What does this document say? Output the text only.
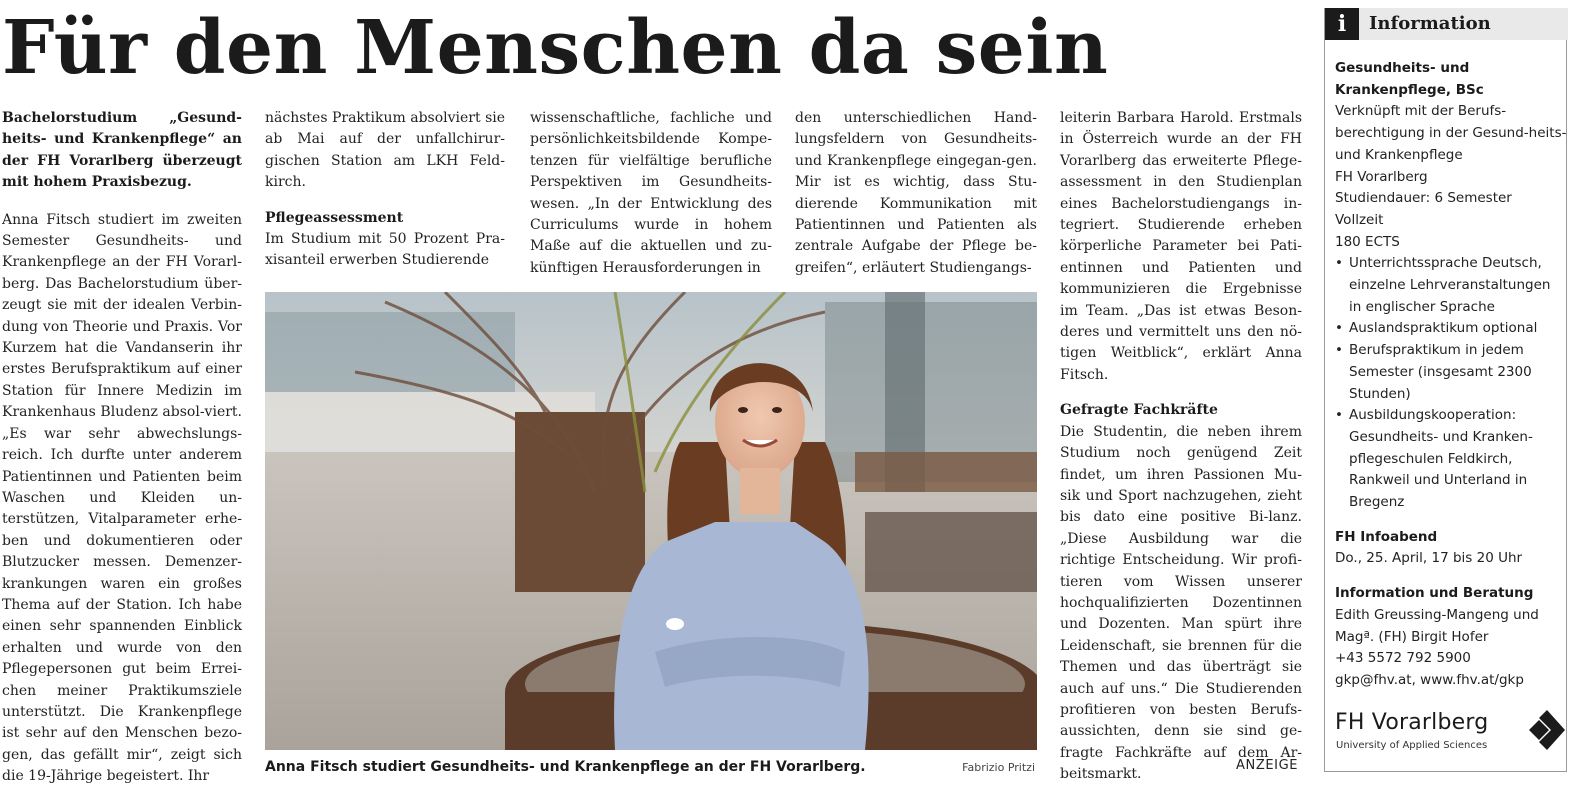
Für den Menschen da sein

Bachelorstudium „Gesund-heits- und Krankenpflege“ an der FH Vorarlberg überzeugt mit hohem Praxisbezug.

Anna Fitsch studiert im zweiten Semester Gesundheits- und Krankenpflege an der FH Vorarl-berg. Das Bachelorstudium über-zeugt sie mit der idealen Verbin-dung von Theorie und Praxis. Vor Kurzem hat die Vandanserin ihr erstes Berufspraktikum auf einer Station für Innere Medizin im Krankenhaus Bludenz absol-viert. „Es war sehr abwechslungs-reich. Ich durfte unter anderem Patientinnen und Patienten beim Waschen und Kleiden un-terstützen, Vitalparameter erhe-ben und dokumentieren oder Blutzucker messen. Demenzer-krankungen waren ein großes Thema auf der Station. Ich habe einen sehr spannenden Einblick erhalten und wurde von den Pflegepersonen gut beim Errei-chen meiner Praktikumsziele unterstützt. Die Krankenpflege ist sehr auf den Menschen bezo-gen, das gefällt mir“, zeigt sich die 19-Jährige begeistert. Ihr

nächstes Praktikum absolviert sie ab Mai auf der unfallchirur-gischen Station am LKH Feld-kirch.

Pflegeassessment

Im Studium mit 50 Prozent Pra-xisanteil erwerben Studierende

wissenschaftliche, fachliche und persönlichkeitsbildende Kompe-tenzen für vielfältige berufliche Perspektiven im Gesundheits-wesen. „In der Entwicklung des Curriculums wurde in hohem Maße auf die aktuellen und zu-künftigen Herausforderungen in

den unterschiedlichen Hand-lungsfeldern von Gesundheits- und Krankenpflege eingegan-gen. Mir ist es wichtig, dass Stu-dierende Kommunikation mit Patientinnen und Patienten als zentrale Aufgabe der Pflege be-greifen“, erläutert Studiengangs-

leiterin Barbara Harold. Erstmals in Österreich wurde an der FH Vorarlberg das erweiterte Pflege-assessment in den Studienplan eines Bachelorstudiengangs in-tegriert. Studierende erheben körperliche Parameter bei Pati-entinnen und Patienten und kommunizieren die Ergebnisse im Team. „Das ist etwas Beson-deres und vermittelt uns den nö-tigen Weitblick“, erklärt Anna Fitsch.

Gefragte Fachkräfte

Die Studentin, die neben ihrem Studium noch genügend Zeit findet, um ihren Passionen Mu-sik und Sport nachzugehen, zieht bis dato eine positive Bi-lanz. „Diese Ausbildung war die richtige Entscheidung. Wir profi-tieren vom Wissen unserer hochqualifizierten Dozentinnen und Dozenten. Man spürt ihre Leidenschaft, sie brennen für die Themen und das überträgt sie auch auf uns.“ Die Studierenden profitieren von besten Berufs-aussichten, denn sie sind ge-fragte Fachkräfte auf dem Ar-beitsmarkt.

Anna Fitsch studiert Gesundheits- und Krankenpflege an der FH Vorarlberg.	Fabrizio Pritzi	ANZEIGE
i	Information
Gesundheits- und
Krankenpflege, BSc
Verknüpft mit der Berufs-berechtigung in der Gesund-heits- und Krankenpflege
FH Vorarlberg
Studiendauer: 6 Semester
Vollzeit
180 ECTS
• Unterrichtssprache Deutsch, einzelne Lehrveranstaltungen in englischer Sprache
• Auslandspraktikum optional
• Berufspraktikum in jedem Semester (insgesamt 2300 Stunden)
• Ausbildungskooperation: Gesundheits- und Kranken-pflegeschulen Feldkirch, Rankweil und Unterland in Bregenz
FH Infoabend
Do., 25. April, 17 bis 20 Uhr
Information und Beratung
Edith Greussing-Mangeng und Magª. (FH) Birgit Hofer
+43 5572 792 5900
gkp@fhv.at, www.fhv.at/gkp
FH Vorarlberg
University of Applied Sciences
